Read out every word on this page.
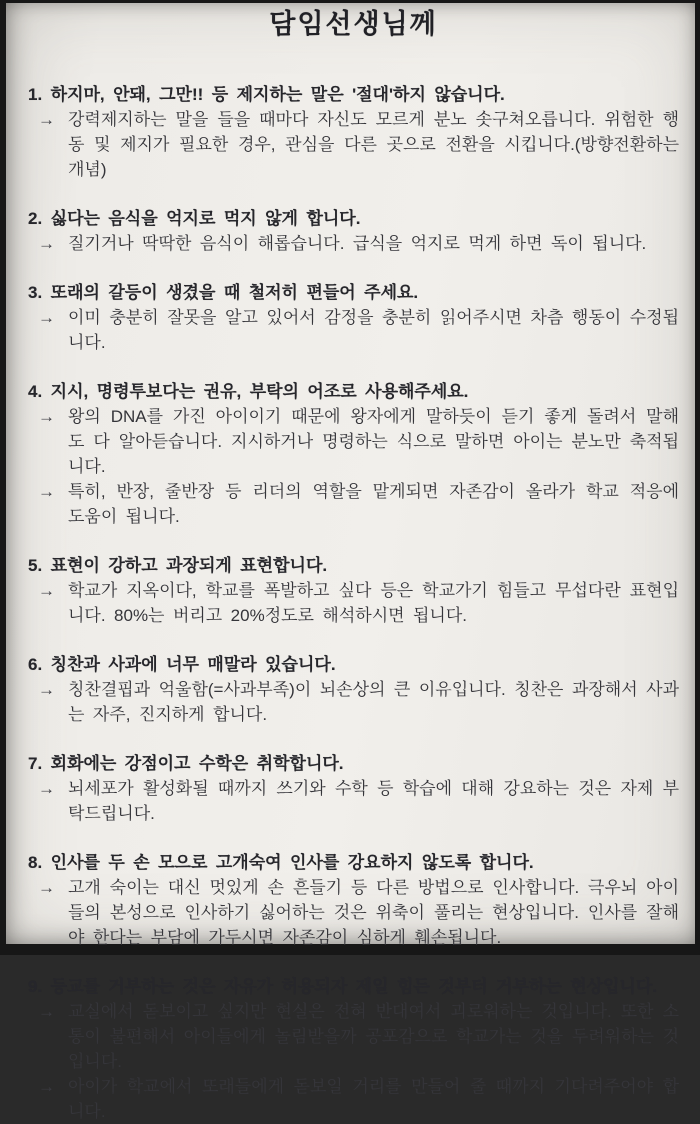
담임선생님께
1. 하지마, 안돼, 그만!! 등 제지하는 말은 '절대'하지 않습니다.
→ 강력제지하는 말을 들을 때마다 자신도 모르게 분노 솟구쳐오릅니다. 위험한 행동 및 제지가 필요한 경우, 관심을 다른 곳으로 전환을 시킵니다.(방향전환하는 개념)
2. 싫다는 음식을 억지로 먹지 않게 합니다.
→ 질기거나 딱딱한 음식이 해롭습니다. 급식을 억지로 먹게 하면 독이 됩니다.
3. 또래의 갈등이 생겼을 때 철저히 편들어 주세요.
→ 이미 충분히 잘못을 알고 있어서 감정을 충분히 읽어주시면 차츰 행동이 수정됩니다.
4. 지시, 명령투보다는 권유, 부탁의 어조로 사용해주세요.
→ 왕의 DNA를 가진 아이이기 때문에 왕자에게 말하듯이 듣기 좋게 돌려서 말해도 다 알아듣습니다. 지시하거나 명령하는 식으로 말하면 아이는 분노만 축적됩니다.
→ 특히, 반장, 줄반장 등 리더의 역할을 맡게되면 자존감이 올라가 학교 적응에 도움이 됩니다.
5. 표현이 강하고 과장되게 표현합니다.
→ 학교가 지옥이다, 학교를 폭발하고 싶다 등은 학교가기 힘들고 무섭다란 표현입니다. 80%는 버리고 20%정도로 해석하시면 됩니다.
6. 칭찬과 사과에 너무 매말라 있습니다.
→ 칭찬결핍과 억울함(=사과부족)이 뇌손상의 큰 이유입니다. 칭찬은 과장해서 사과는 자주, 진지하게 합니다.
7. 회화에는 강점이고 수학은 취학합니다.
→ 뇌세포가 활성화될 때까지 쓰기와 수학 등 학습에 대해 강요하는 것은 자제 부탁드립니다.
8. 인사를 두 손 모으로 고개숙여 인사를 강요하지 않도록 합니다.
→ 고개 숙이는 대신 멋있게 손 흔들기 등 다른 방법으로 인사합니다. 극우뇌 아이들의 본성으로 인사하기 싫어하는 것은 위축이 풀리는 현상입니다. 인사를 잘해야 한다는 부담에 가두시면 자존감이 심하게 훼손됩니다.
9. 등교를 거부하는 것은 자유가 허용되자 제일 힘든 것부터 거부하는 현상입니다.
→ 교실에서 돋보이고 싶지만 현실은 전혀 반대여서 괴로워하는 것입니다. 또한 소통이 불편해서 아이들에게 놀림받을까 공포감으로 학교가는 것을 두려워하는 것입니다.
→ 아이가 학교에서 또래들에게 돋보일 거리를 만들어 줄 때까지 기다려주어야 합니다.
